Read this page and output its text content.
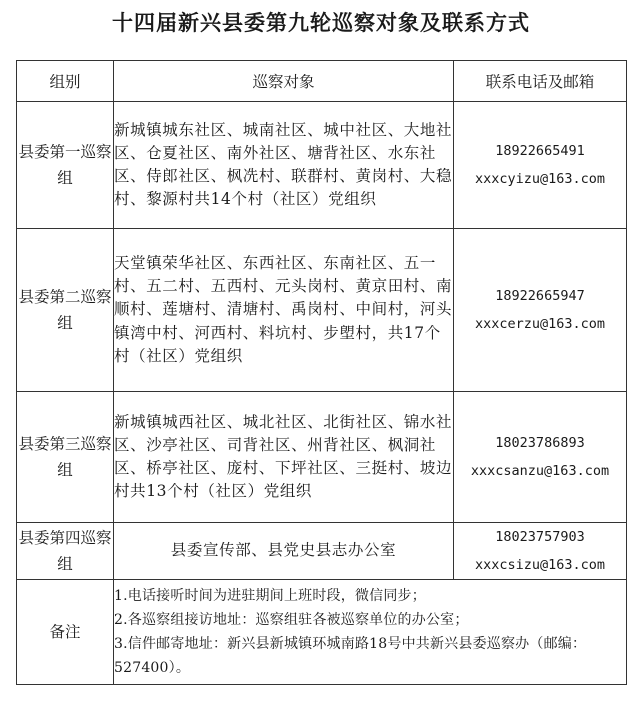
十四届新兴县委第九轮巡察对象及联系方式
组别	巡察对象	联系电话及邮箱
县委第一巡察组	新城镇城东社区、城南社区、城中社区、大地社区、仓夏社区、南外社区、塘背社区、水东社区、侍郎社区、枫冼村、联群村、黄岗村、大稳村、黎源村共14个村（社区）党组织	18922665491
xxxcyizu@163.com

县委第二巡察组	天堂镇荣华社区、东西社区、东南社区、五一村、五二村、五西村、元头岗村、黄京田村、南顺村、莲塘村、清塘村、禹岗村、中间村，河头镇湾中村、河西村、料坑村、步塱村，共17个村（社区）党组织	18922665947
xxxcerzu@163.com

县委第三巡察组	新城镇城西社区、城北社区、北街社区、锦水社区、沙亭社区、司背社区、州背社区、枫洞社区、桥亭社区、庞村、下坪社区、三挺村、坡边村共13个村（社区）党组织	18023786893
xxxcsanzu@163.com

县委第四巡察组	县委宣传部、县党史县志办公室	18023757903
xxxcsizu@163.com

备注	1.电话接听时间为进驻期间上班时段，微信同步；
2.各巡察组接访地址：巡察组驻各被巡察单位的办公室；
3.信件邮寄地址：新兴县新城镇环城南路18号中共新兴县委巡察办（邮编：527400）。	
